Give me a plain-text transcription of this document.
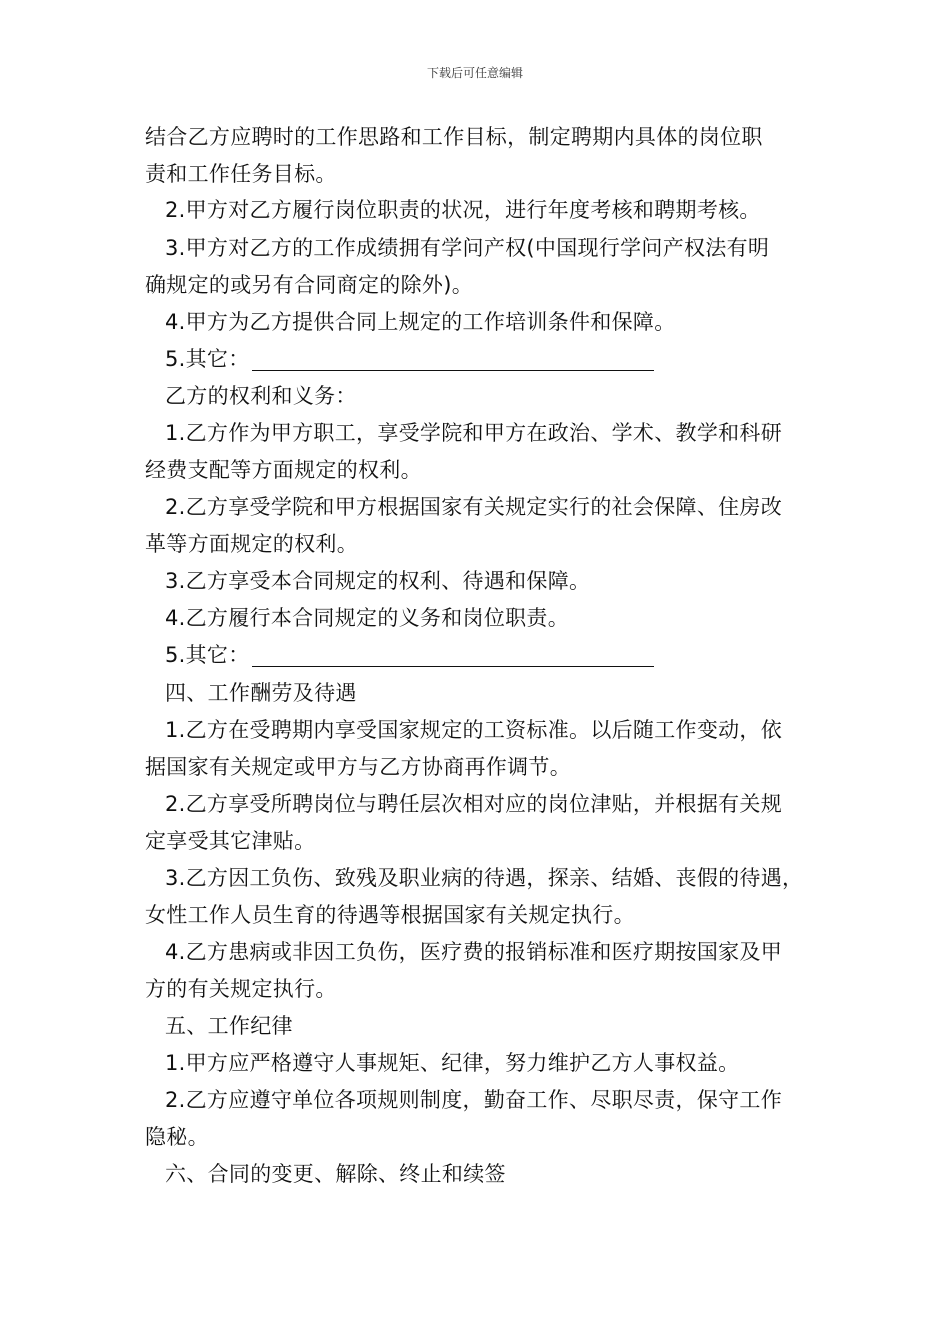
下载后可任意编辑
结合乙方应聘时的工作思路和工作目标，制定聘期内具体的岗位职
责和工作任务目标。
2.甲方对乙方履行岗位职责的状况，进行年度考核和聘期考核。
3.甲方对乙方的工作成绩拥有学问产权(中国现行学问产权法有明
确规定的或另有合同商定的除外)。
4.甲方为乙方提供合同上规定的工作培训条件和保障。
5.其它：
乙方的权利和义务：
1.乙方作为甲方职工，享受学院和甲方在政治、学术、教学和科研
经费支配等方面规定的权利。
2.乙方享受学院和甲方根据国家有关规定实行的社会保障、住房改
革等方面规定的权利。
3.乙方享受本合同规定的权利、待遇和保障。
4.乙方履行本合同规定的义务和岗位职责。
5.其它：
四、工作酬劳及待遇
1.乙方在受聘期内享受国家规定的工资标准。以后随工作变动，依
据国家有关规定或甲方与乙方协商再作调节。
2.乙方享受所聘岗位与聘任层次相对应的岗位津贴，并根据有关规
定享受其它津贴。
3.乙方因工负伤、致残及职业病的待遇，探亲、结婚、丧假的待遇，
女性工作人员生育的待遇等根据国家有关规定执行。
4.乙方患病或非因工负伤，医疗费的报销标准和医疗期按国家及甲
方的有关规定执行。
五、工作纪律
1.甲方应严格遵守人事规矩、纪律，努力维护乙方人事权益。
2.乙方应遵守单位各项规则制度，勤奋工作、尽职尽责，保守工作
隐秘。
六、合同的变更、解除、终止和续签
